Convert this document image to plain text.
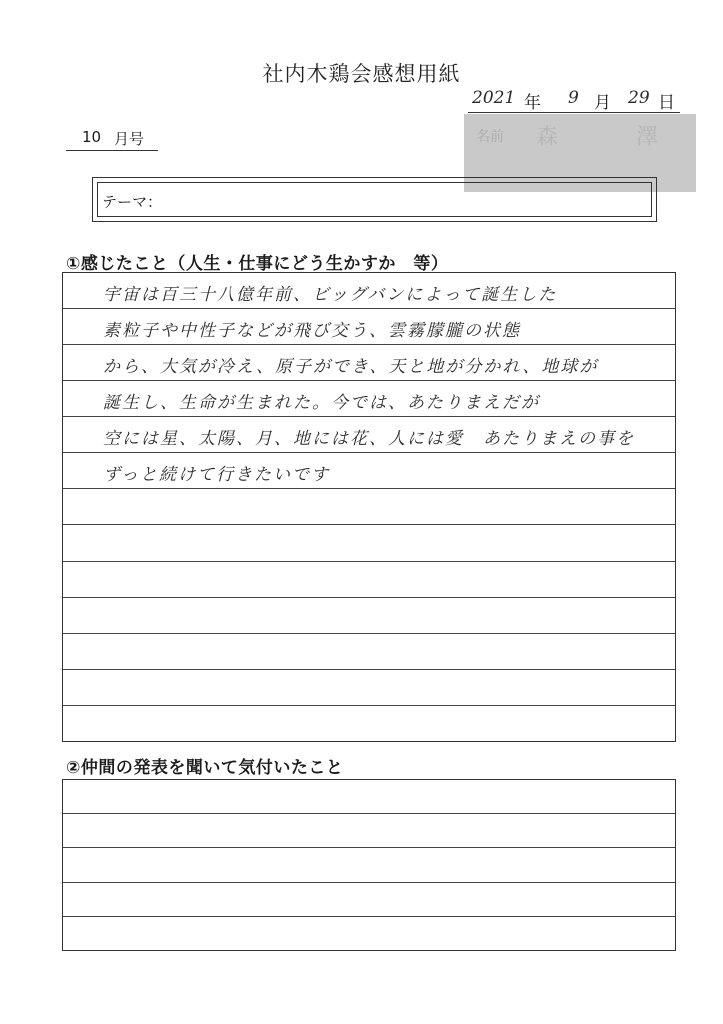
社内木鶏会感想用紙
2021 年 9 月 29 日
10 月号	名前 森　澤
テーマ：
①感じたこと（人生・仕事にどう生かすか　等）
宇宙は百三十八億年前、ビッグバンによって誕生した
素粒子や中性子などが飛び交う、雲霧朦朧の状態
から、大気が冷え、原子ができ、天と地が分かれ、地球が
誕生し、生命が生まれた。今では、あたりまえだが
空には星、太陽、月、地には花、人には愛　あたりまえの事を
ずっと続けて行きたいです
②仲間の発表を聞いて気付いたこと
